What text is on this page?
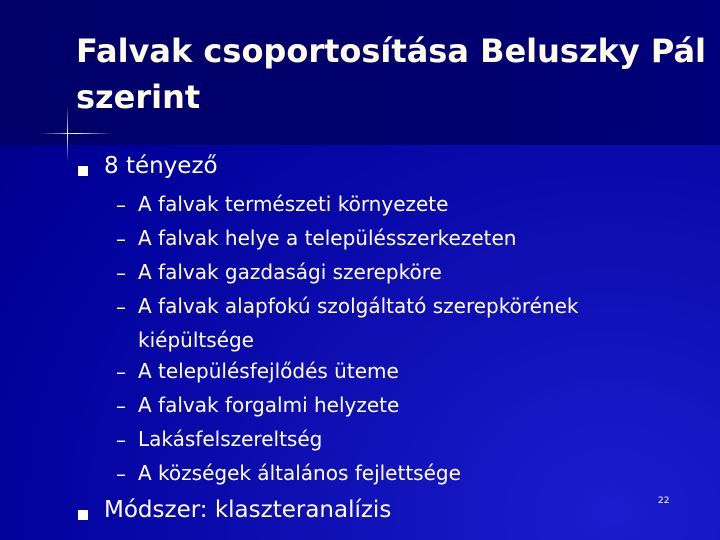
Falvak csoportosítása Beluszky Pál szerint
8 tényező
– A falvak természeti környezete
– A falvak helye a településszerkezeten
– A falvak gazdasági szerepköre
– A falvak alapfokú szolgáltató szerepkörének kiépültsége
– A településfejlődés üteme
– A falvak forgalmi helyzete
– Lakásfelszereltség
– A községek általános fejlettsége
Módszer: klaszteranalízis	22
